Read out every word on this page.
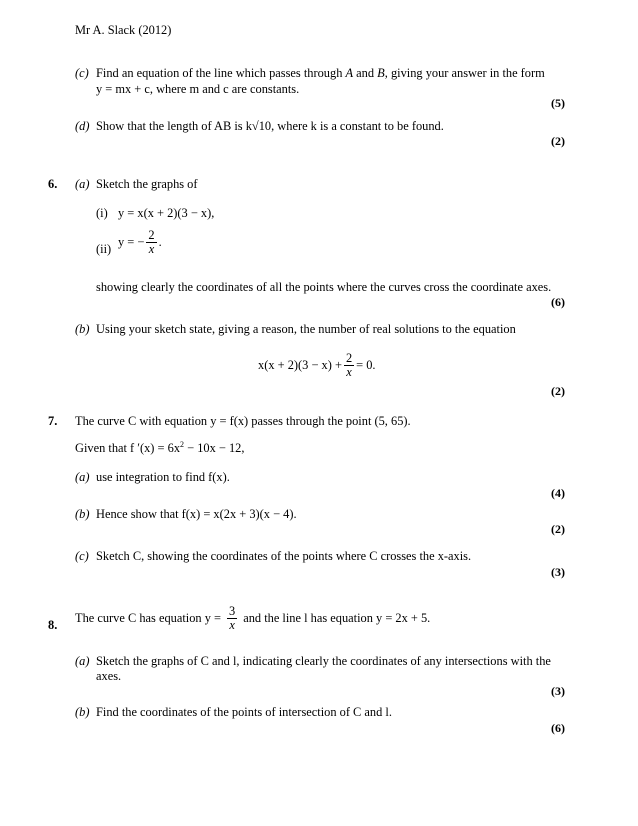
Mr A. Slack (2012)
(c) Find an equation of the line which passes through A and B, giving your answer in the form
y = mx + c, where m and c are constants.
(5)
(d) Show that the length of AB is k√10, where k is a constant to be found.
(2)
6. (a) Sketch the graphs of
(i) y = x(x + 2)(3 − x),
(ii) y = − $\frac{2}{x}$ .
showing clearly the coordinates of all the points where the curves cross the coordinate axes.
(6)
(b) Using your sketch state, giving a reason, the number of real solutions to the equation
$x(x + 2)(3 - x) + \frac{2}{x} = 0$.
(2)
7. The curve C with equation y = f(x) passes through the point (5, 65).
Given that f $'(x) = 6x^2 - 10x - 12$,
(a) use integration to find f(x).
(4)
(b) Hence show that f(x) = x(2x + 3)(x − 4).
(2)
(c) Sketch C, showing the coordinates of the points where C crosses the x-axis.
(3)
8. The curve C has equation $y = \frac{3}{x}$ and the line l has equation y = 2x + 5.
(a) Sketch the graphs of C and l, indicating clearly the coordinates of any intersections with the
axes.
(3)
(b) Find the coordinates of the points of intersection of C and l.
(6)
